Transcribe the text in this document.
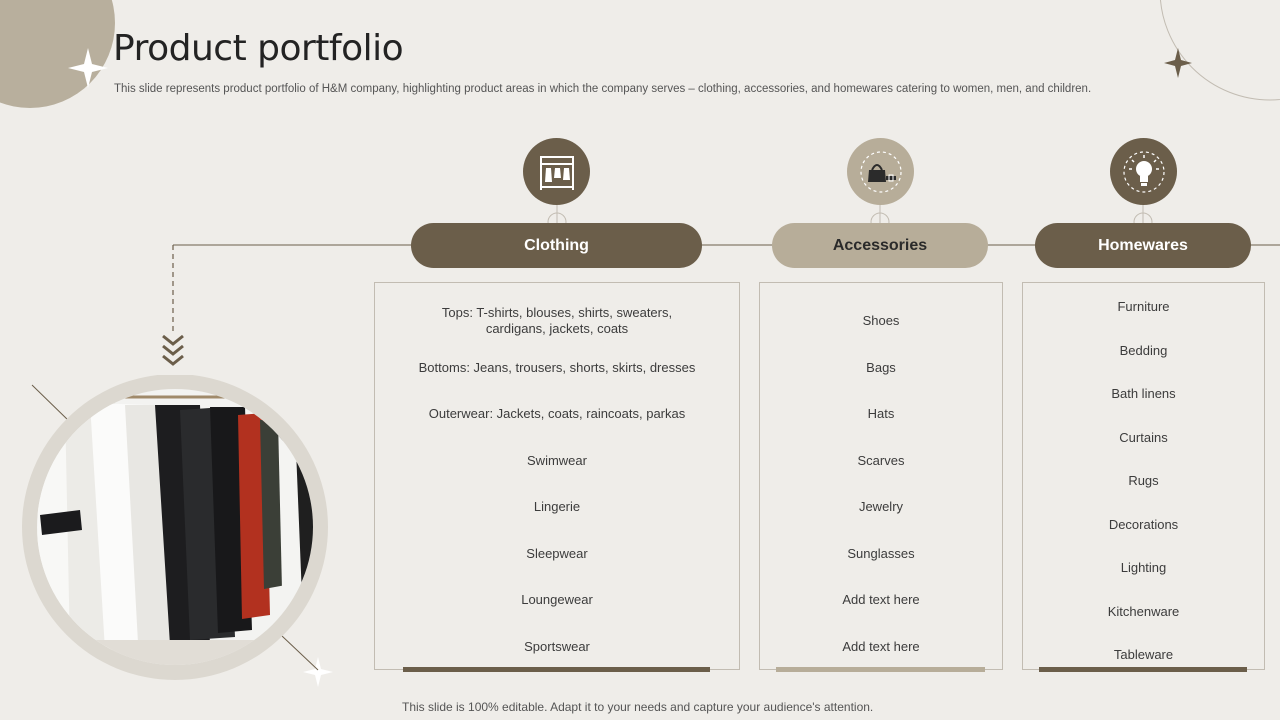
Product portfolio
This slide represents product portfolio of H&M company, highlighting product areas in which the company serves – clothing, accessories, and homewares catering to women, men, and children.
Clothing	Accessories	Homewares
Tops: T-shirts, blouses, shirts, sweaters,
cardigans, jackets, coats
Bottoms: Jeans, trousers, shorts, skirts, dresses
Outerwear: Jackets, coats, raincoats, parkas
Swimwear
Lingerie
Sleepwear
Loungewear
Sportswear
Shoes
Bags
Hats
Scarves
Jewelry
Sunglasses
Add text here
Add text here
Furniture
Bedding
Bath linens
Curtains
Rugs
Decorations
Lighting
Kitchenware
Tableware
This slide is 100% editable. Adapt it to your needs and capture your audience's attention.
